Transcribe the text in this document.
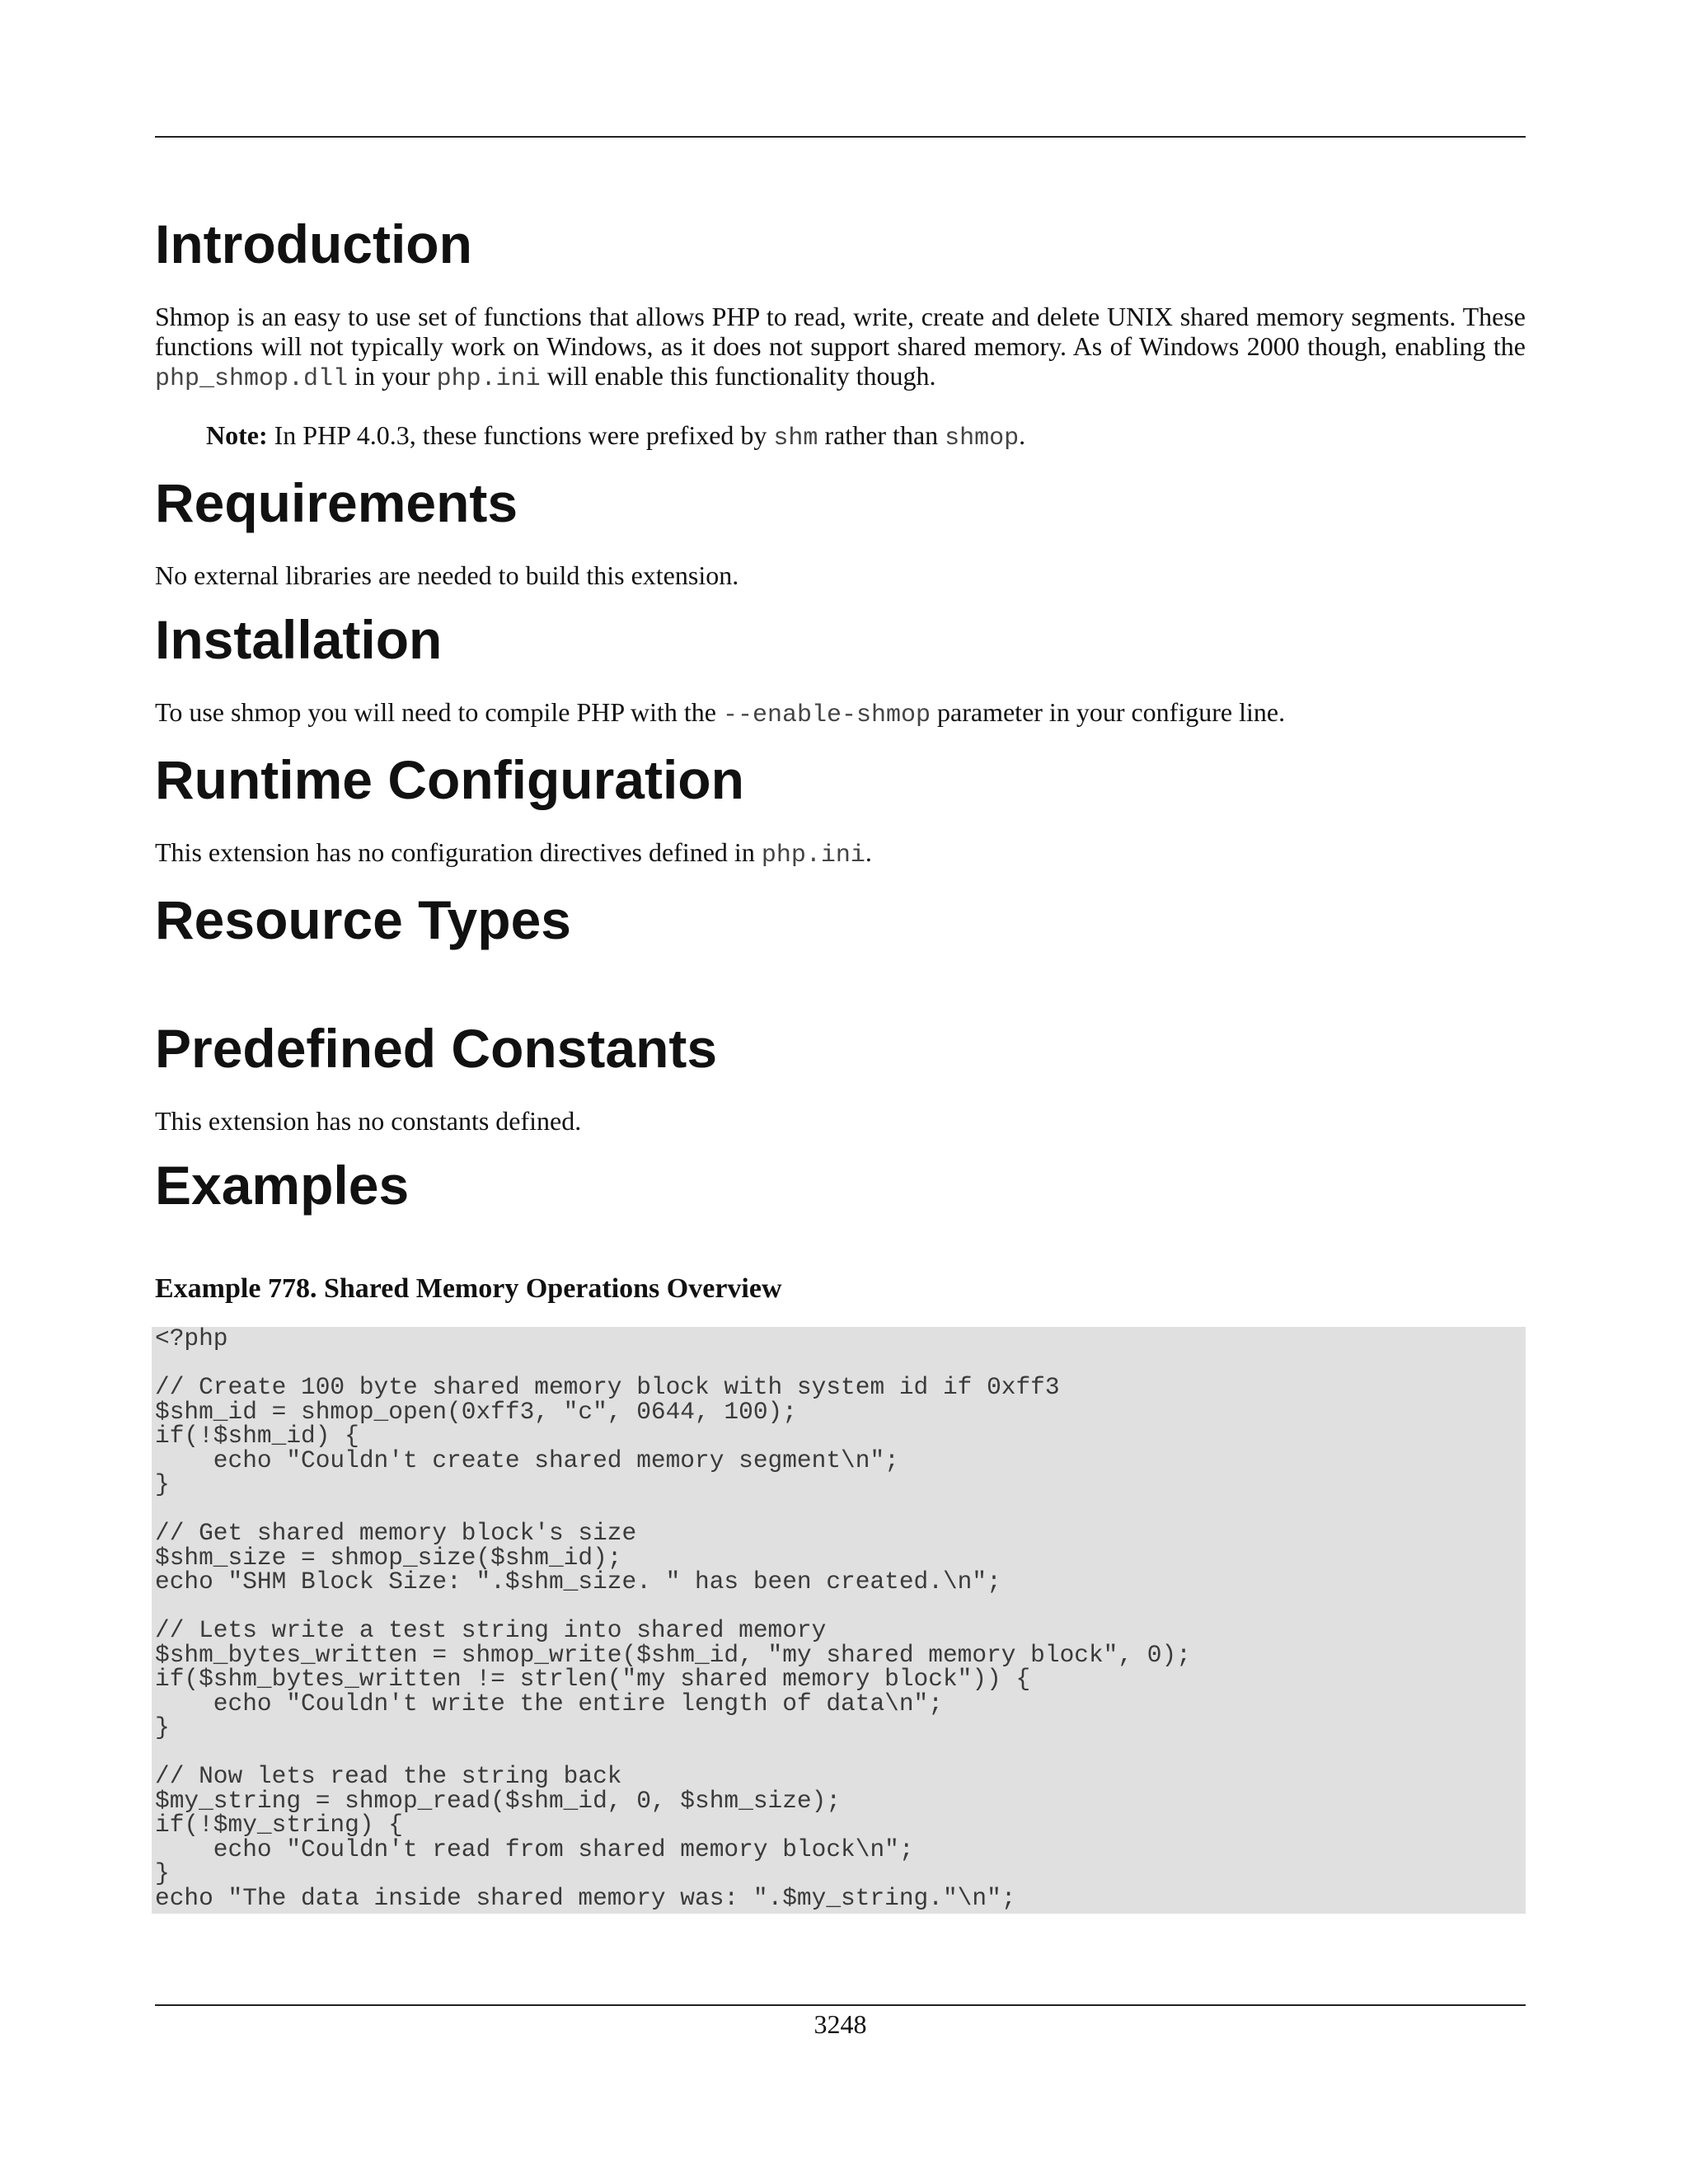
Introduction

Shmop is an easy to use set of functions that allows PHP to read, write, create and delete UNIX shared memory segments. These functions will not typically work on Windows, as it does not support shared memory. As of Windows 2000 though, enabling the php_shmop.dll in your php.ini will enable this functionality though.

Note: In PHP 4.0.3, these functions were prefixed by shm rather than shmop.

Requirements

No external libraries are needed to build this extension.

Installation

To use shmop you will need to compile PHP with the --enable-shmop parameter in your configure line.

Runtime Configuration

This extension has no configuration directives defined in php.ini.

Resource Types
Predefined Constants

This extension has no constants defined.

Examples

Example 778. Shared Memory Operations Overview

<?php

// Create 100 byte shared memory block with system id if 0xff3
$shm_id = shmop_open(0xff3, "c", 0644, 100);
if(!$shm_id) {
echo "Couldn't create shared memory segment\n";
}

// Get shared memory block's size
$shm_size = shmop_size($shm_id);
echo "SHM Block Size: ".$shm_size. " has been created.\n";

// Lets write a test string into shared memory
$shm_bytes_written = shmop_write($shm_id, "my shared memory block", 0);
if($shm_bytes_written != strlen("my shared memory block")) {
echo "Couldn't write the entire length of data\n";
}

// Now lets read the string back
$my_string = shmop_read($shm_id, 0, $shm_size);
if(!$my_string) {
echo "Couldn't read from shared memory block\n";
}
echo "The data inside shared memory was: ".$my_string."\n";
3248
